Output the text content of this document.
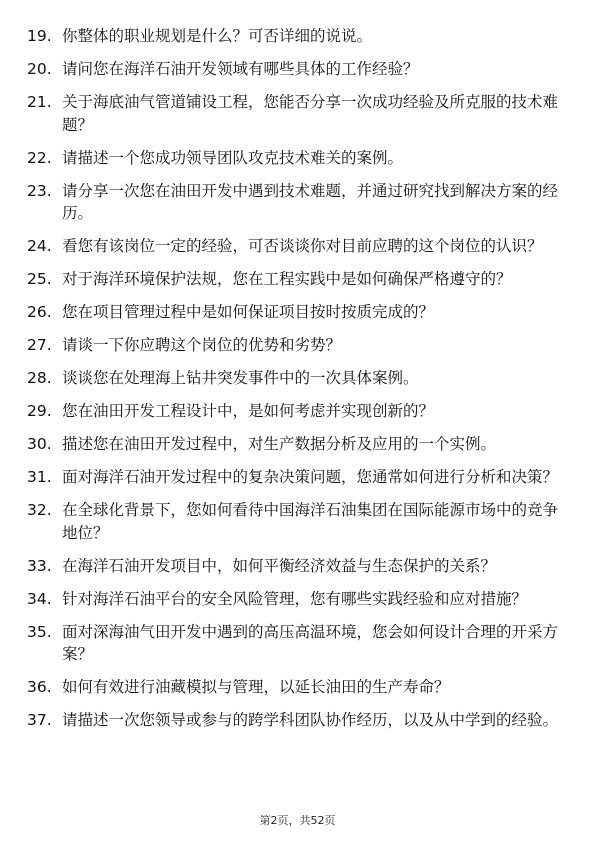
19. 你整体的职业规划是什么？可否详细的说说。
20. 请问您在海洋石油开发领域有哪些具体的工作经验？
21. 关于海底油气管道铺设工程，您能否分享一次成功经验及所克服的技术难题？
22. 请描述一个您成功领导团队攻克技术难关的案例。
23. 请分享一次您在油田开发中遇到技术难题，并通过研究找到解决方案的经历。
24. 看您有该岗位一定的经验，可否谈谈你对目前应聘的这个岗位的认识？
25. 对于海洋环境保护法规，您在工程实践中是如何确保严格遵守的？
26. 您在项目管理过程中是如何保证项目按时按质完成的？
27. 请谈一下你应聘这个岗位的优势和劣势？
28. 谈谈您在处理海上钻井突发事件中的一次具体案例。
29. 您在油田开发工程设计中，是如何考虑并实现创新的？
30. 描述您在油田开发过程中，对生产数据分析及应用的一个实例。
31. 面对海洋石油开发过程中的复杂决策问题，您通常如何进行分析和决策？
32. 在全球化背景下，您如何看待中国海洋石油集团在国际能源市场中的竞争地位？
33. 在海洋石油开发项目中，如何平衡经济效益与生态保护的关系？
34. 针对海洋石油平台的安全风险管理，您有哪些实践经验和应对措施？
35. 面对深海油气田开发中遇到的高压高温环境，您会如何设计合理的开采方案？
36. 如何有效进行油藏模拟与管理，以延长油田的生产寿命？
37. 请描述一次您领导或参与的跨学科团队协作经历，以及从中学到的经验。
第2页，共52页
